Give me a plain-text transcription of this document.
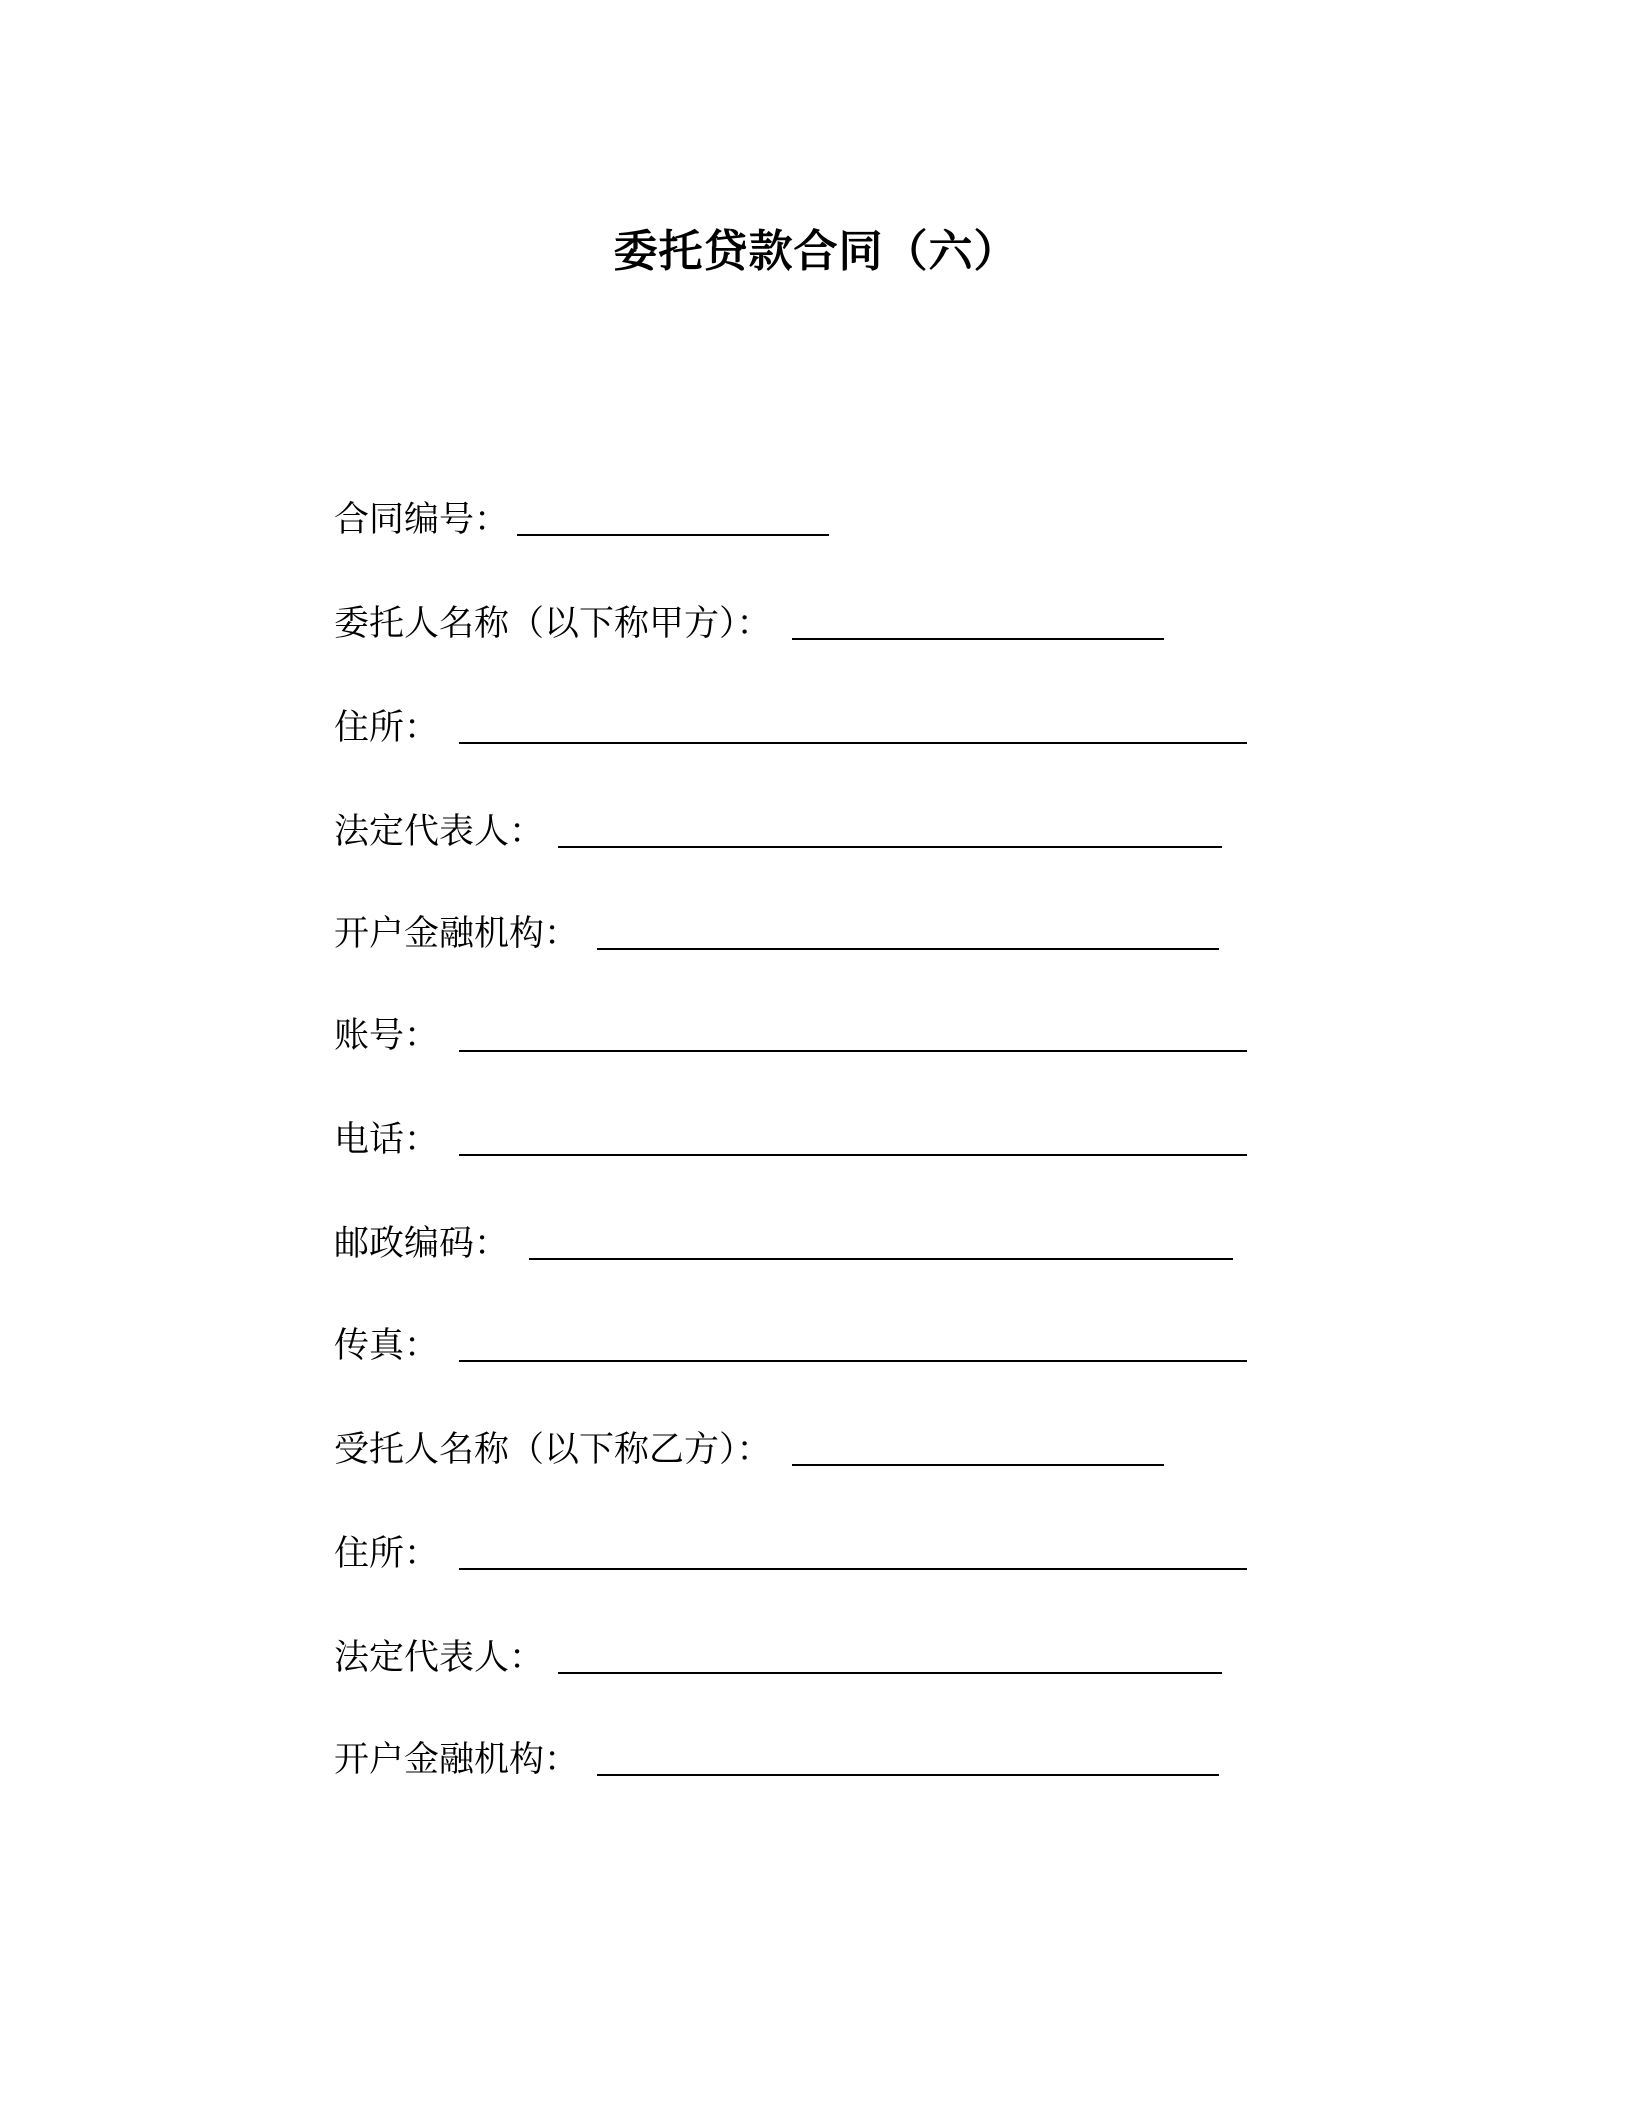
委托贷款合同（六）
合同编号：
委托人名称（以下称甲方）：
住所：
法定代表人：
开户金融机构：
账号：
电话：
邮政编码：
传真：
受托人名称（以下称乙方）：
住所：
法定代表人：
开户金融机构：
